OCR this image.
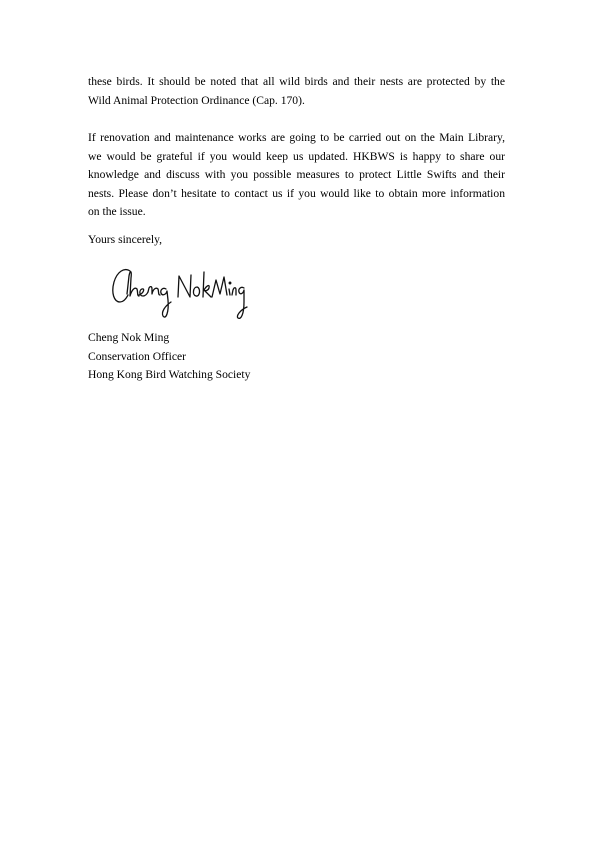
these birds. It should be noted that all wild birds and their nests are protected by the
Wild Animal Protection Ordinance (Cap. 170).

If renovation and maintenance works are going to be carried out on the Main Library,
we would be grateful if you would keep us updated. HKBWS is happy to share our
knowledge and discuss with you possible measures to protect Little Swifts and their
nests. Please don’t hesitate to contact us if you would like to obtain more information
on the issue.

Yours sincerely,
Cheng Nok Ming
Conservation Officer
Hong Kong Bird Watching Society
